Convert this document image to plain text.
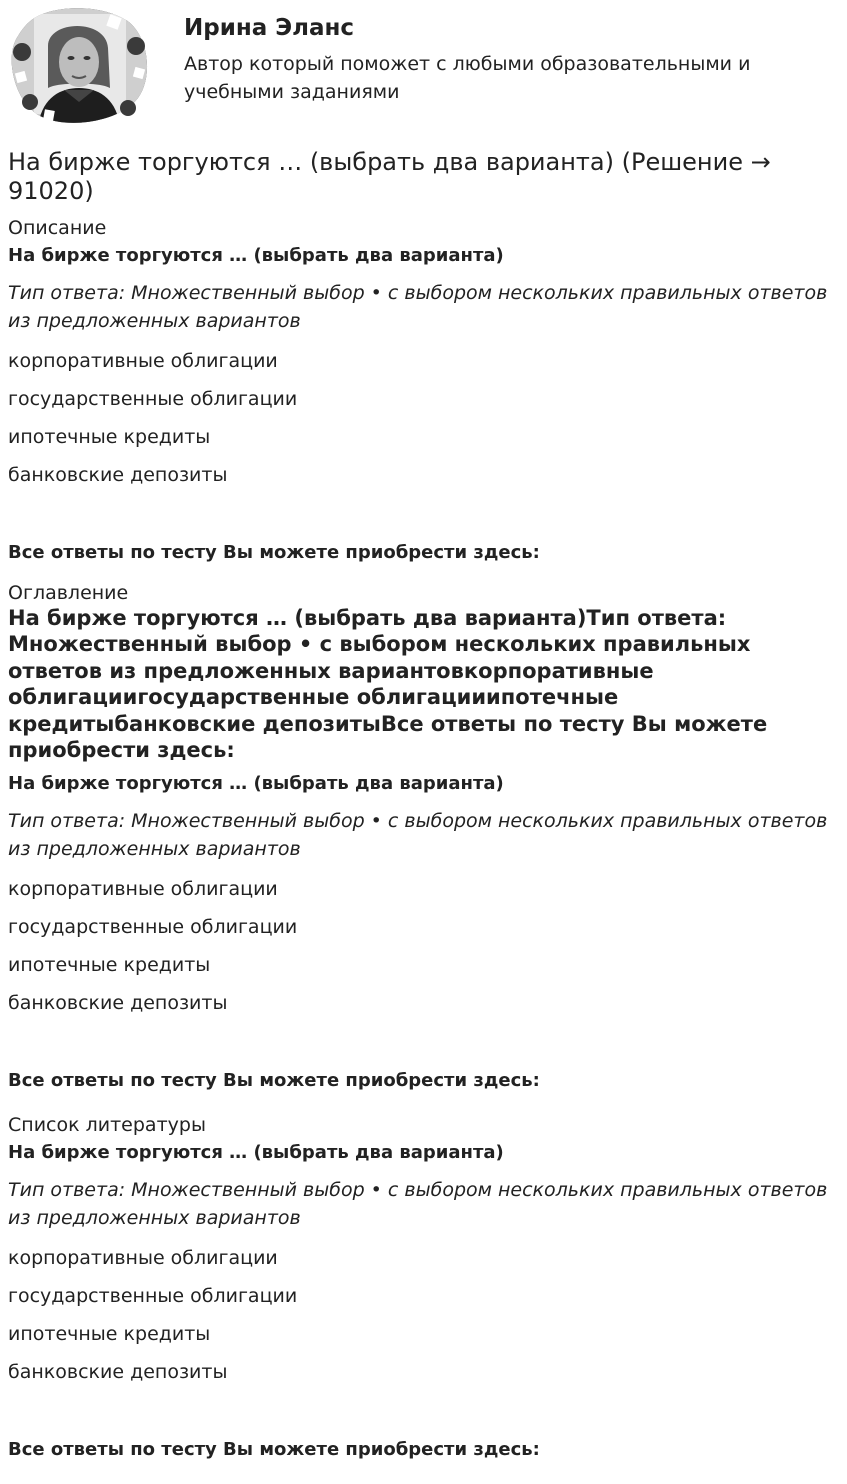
Ирина Эланс
Автор который поможет с любыми образовательными и учебными заданиями
На бирже торгуются … (выбрать два варианта) (Решение → 91020)

Описание

На бирже торгуются … (выбрать два варианта)

Тип ответа: Множественный выбор • с выбором нескольких правильных ответов из предложенных вариантов

корпоративные облигации

государственные облигации

ипотечные кредиты

банковские депозиты

Все ответы по тесту Вы можете приобрести здесь:

Оглавление

На бирже торгуются … (выбрать два варианта)Тип ответа: Множественный выбор • с выбором нескольких правильных ответов из предложенных вариантовкорпоративные облигациигосударственные облигацииипотечные кредитыбанковские депозитыВсе ответы по тесту Вы можете приобрести здесь:

На бирже торгуются … (выбрать два варианта)

Тип ответа: Множественный выбор • с выбором нескольких правильных ответов из предложенных вариантов

корпоративные облигации

государственные облигации

ипотечные кредиты

банковские депозиты

Все ответы по тесту Вы можете приобрести здесь:

Список литературы

На бирже торгуются … (выбрать два варианта)

Тип ответа: Множественный выбор • с выбором нескольких правильных ответов из предложенных вариантов

корпоративные облигации

государственные облигации

ипотечные кредиты

банковские депозиты

Все ответы по тесту Вы можете приобрести здесь:
